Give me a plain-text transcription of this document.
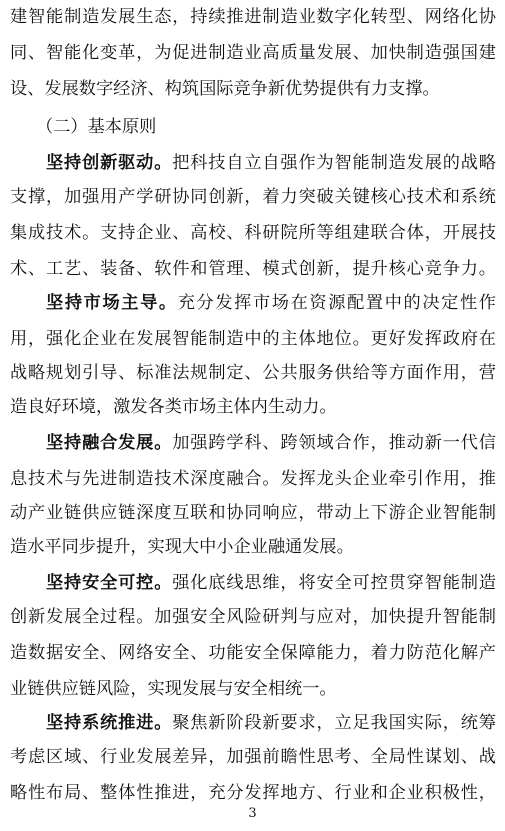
建智能制造发展生态，持续推进制造业数字化转型、网络化协
同、智能化变革，为促进制造业高质量发展、加快制造强国建
设、发展数字经济、构筑国际竞争新优势提供有力支撑。
（二）基本原则
坚持创新驱动。把科技自立自强作为智能制造发展的战略
支撑，加强用产学研协同创新，着力突破关键核心技术和系统
集成技术。支持企业、高校、科研院所等组建联合体，开展技
术、工艺、装备、软件和管理、模式创新，提升核心竞争力。
坚持市场主导。充分发挥市场在资源配置中的决定性作
用，强化企业在发展智能制造中的主体地位。更好发挥政府在
战略规划引导、标准法规制定、公共服务供给等方面作用，营
造良好环境，激发各类市场主体内生动力。
坚持融合发展。加强跨学科、跨领域合作，推动新一代信
息技术与先进制造技术深度融合。发挥龙头企业牵引作用，推
动产业链供应链深度互联和协同响应，带动上下游企业智能制
造水平同步提升，实现大中小企业融通发展。
坚持安全可控。强化底线思维，将安全可控贯穿智能制造
创新发展全过程。加强安全风险研判与应对，加快提升智能制
造数据安全、网络安全、功能安全保障能力，着力防范化解产
业链供应链风险，实现发展与安全相统一。
坚持系统推进。聚焦新阶段新要求，立足我国实际，统筹
考虑区域、行业发展差异，加强前瞻性思考、全局性谋划、战
略性布局、整体性推进，充分发挥地方、行业和企业积极性，
3
